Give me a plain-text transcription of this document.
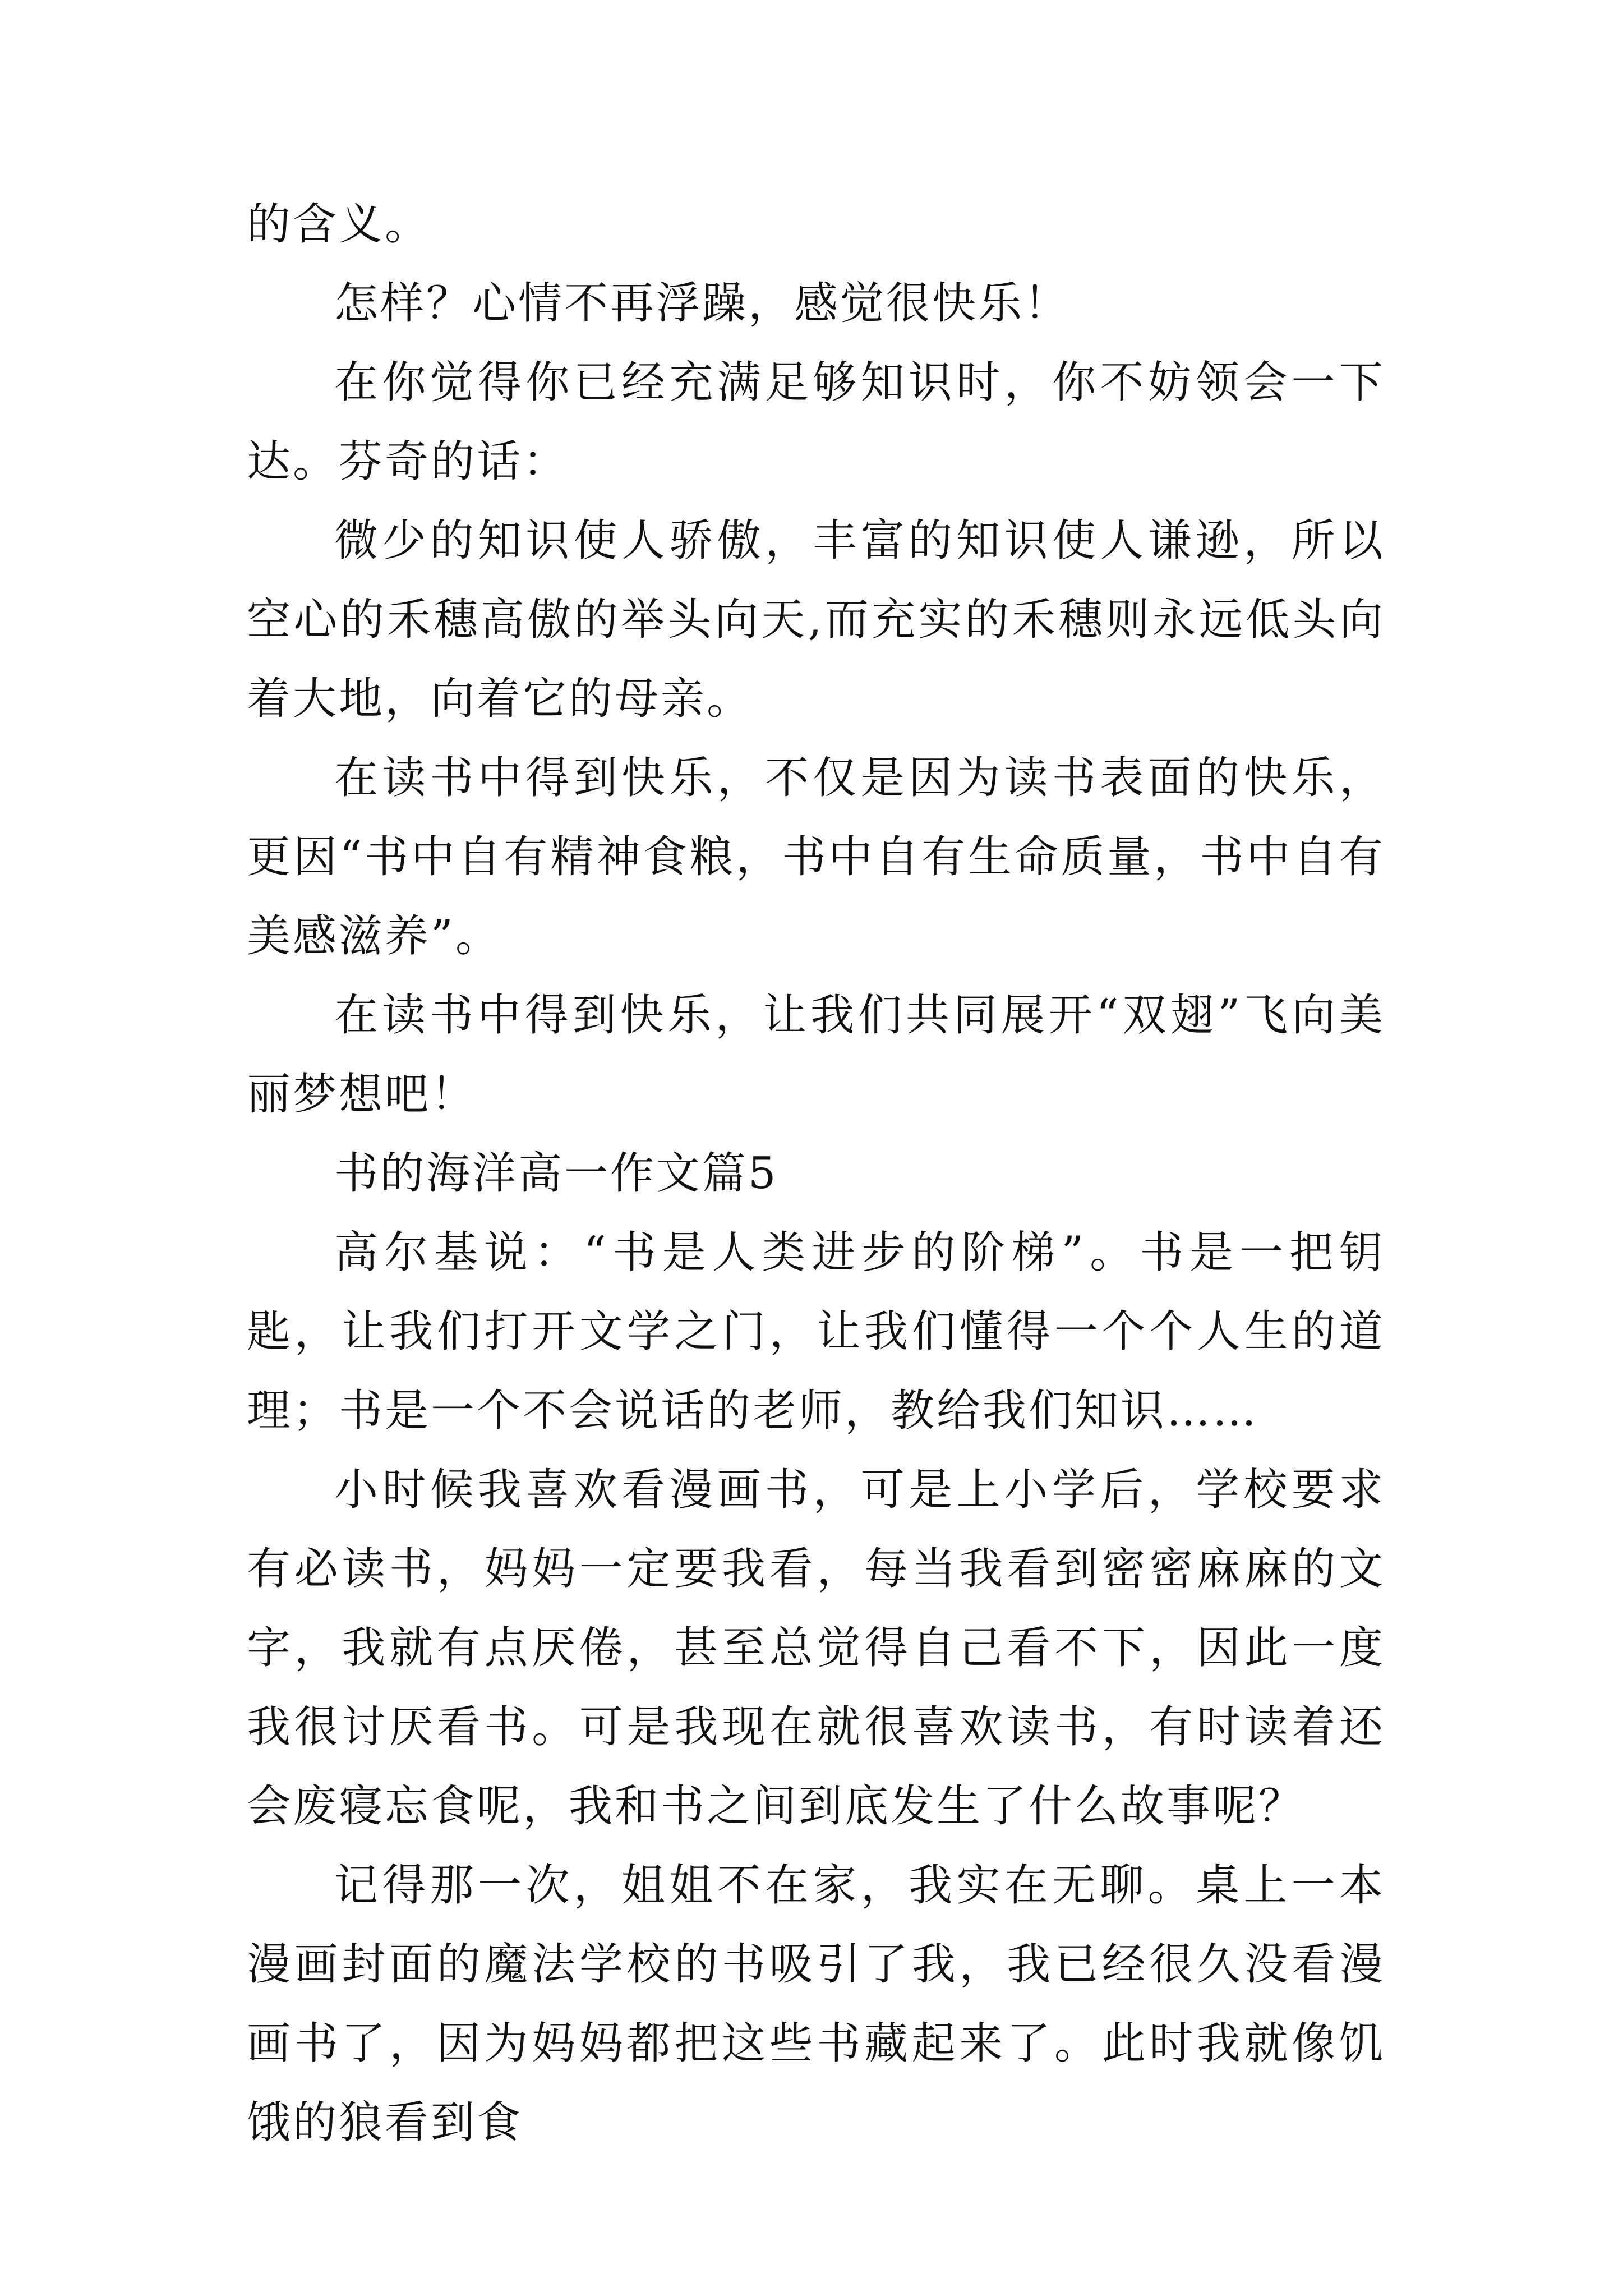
的含义。

怎样？心情不再浮躁，感觉很快乐！

在你觉得你已经充满足够知识时，你不妨领会一下达。芬奇的话：

微少的知识使人骄傲，丰富的知识使人谦逊，所以空心的禾穗高傲的举头向天,而充实的禾穗则永远低头向着大地，向着它的母亲。

在读书中得到快乐，不仅是因为读书表面的快乐，更因“书中自有精神食粮，书中自有生命质量，书中自有美感滋养”。

在读书中得到快乐，让我们共同展开“双翅”飞向美丽梦想吧！

书的海洋高一作文篇5

高尔基说：“书是人类进步的阶梯”。书是一把钥匙，让我们打开文学之门，让我们懂得一个个人生的道理；书是一个不会说话的老师，教给我们知识……

小时候我喜欢看漫画书，可是上小学后，学校要求有必读书，妈妈一定要我看，每当我看到密密麻麻的文字，我就有点厌倦，甚至总觉得自己看不下，因此一度我很讨厌看书。可是我现在就很喜欢读书，有时读着还会废寝忘食呢，我和书之间到底发生了什么故事呢？

记得那一次，姐姐不在家，我实在无聊。桌上一本漫画封面的魔法学校的书吸引了我，我已经很久没看漫画书了，因为妈妈都把这些书藏起来了。此时我就像饥饿的狼看到食
